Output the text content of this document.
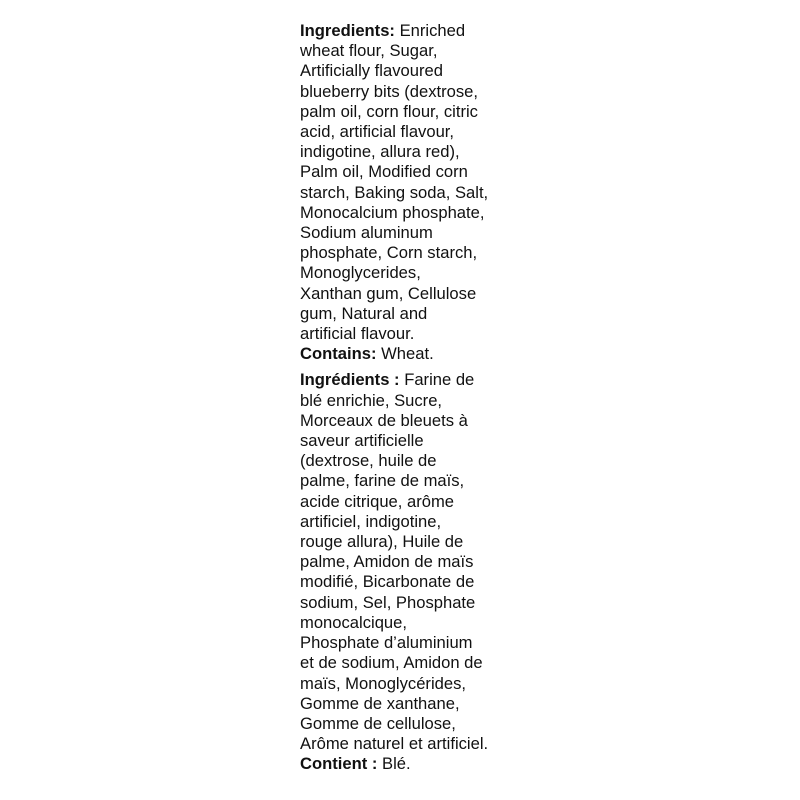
Ingredients: Enriched
wheat flour, Sugar,
Artificially flavoured
blueberry bits (dextrose,
palm oil, corn flour, citric
acid, artificial flavour,
indigotine, allura red),
Palm oil, Modified corn
starch, Baking soda, Salt,
Monocalcium phosphate,
Sodium aluminum
phosphate, Corn starch,
Monoglycerides,
Xanthan gum, Cellulose
gum, Natural and
artificial flavour.
Contains: Wheat.
Ingrédients : Farine de
blé enrichie, Sucre,
Morceaux de bleuets à
saveur artificielle
(dextrose, huile de
palme, farine de maïs,
acide citrique, arôme
artificiel, indigotine,
rouge allura), Huile de
palme, Amidon de maïs
modifié, Bicarbonate de
sodium, Sel, Phosphate
monocalcique,
Phosphate d’aluminium
et de sodium, Amidon de
maïs, Monoglycérides,
Gomme de xanthane,
Gomme de cellulose,
Arôme naturel et artificiel.
Contient : Blé.
